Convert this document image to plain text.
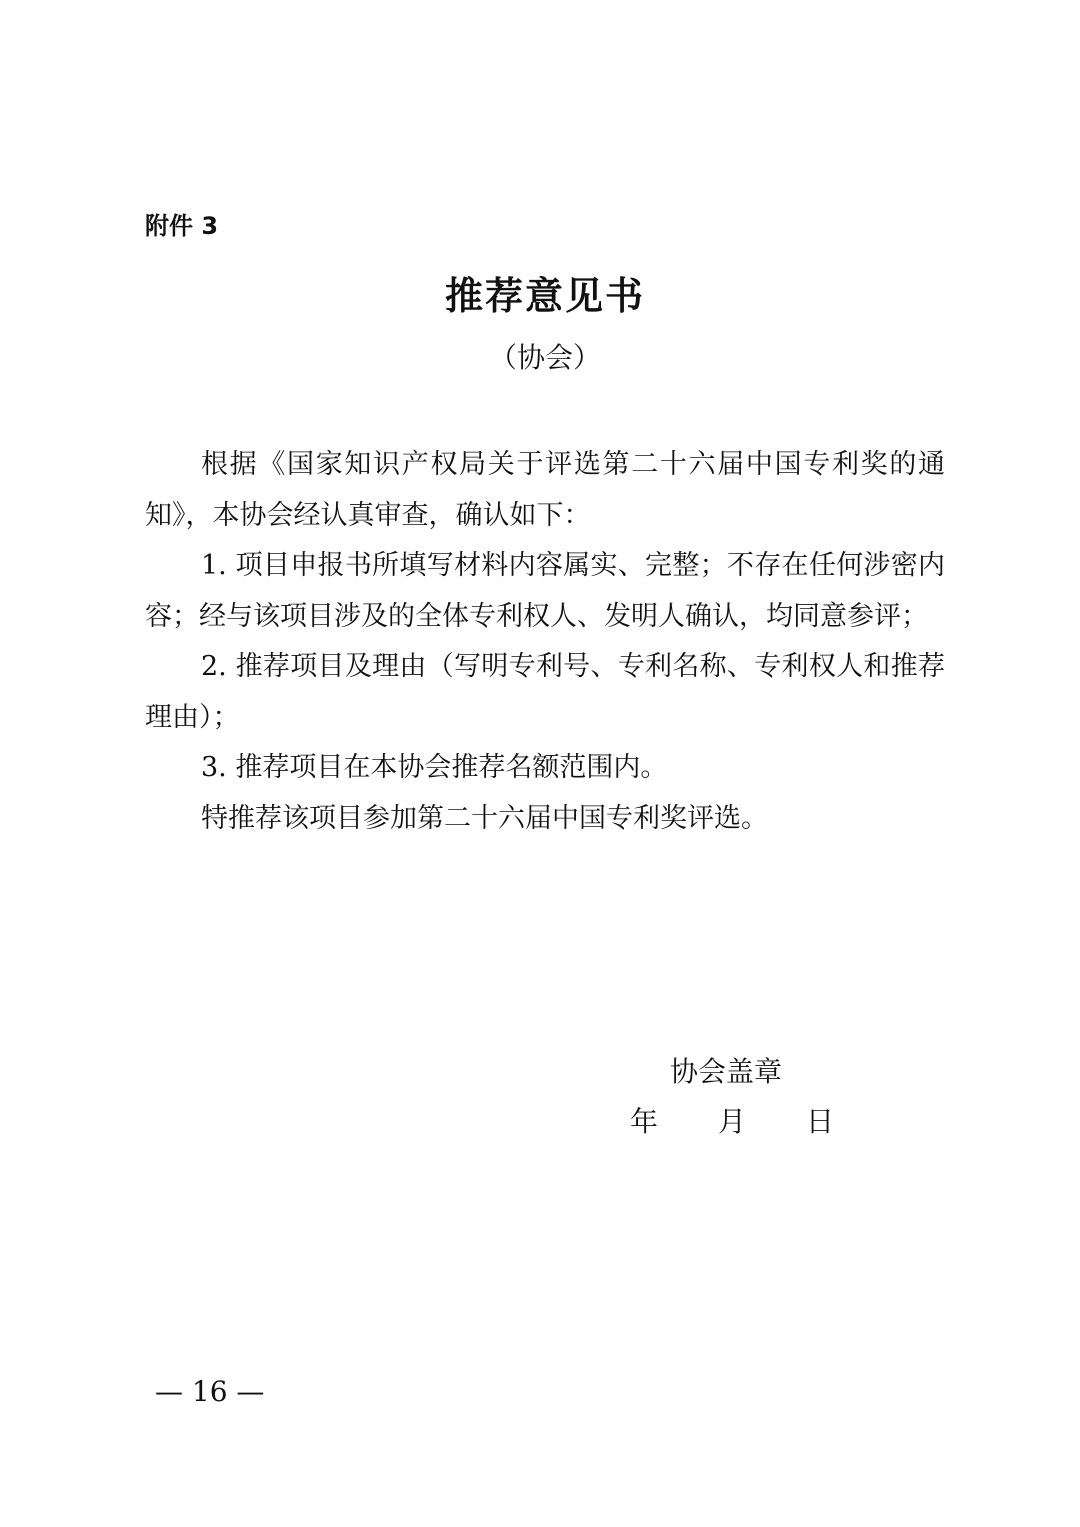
附件 3
推荐意见书
（协会）

根据《国家知识产权局关于评选第二十六届中国专利奖的通知》，本协会经认真审查，确认如下：

1. 项目申报书所填写材料内容属实、完整；不存在任何涉密内容；经与该项目涉及的全体专利权人、发明人确认，均同意参评；

2. 推荐项目及理由（写明专利号、专利名称、专利权人和推荐理由）；

3. 推荐项目在本协会推荐名额范围内。

特推荐该项目参加第二十六届中国专利奖评选。

协会盖章
年 月 日
— 16 —
